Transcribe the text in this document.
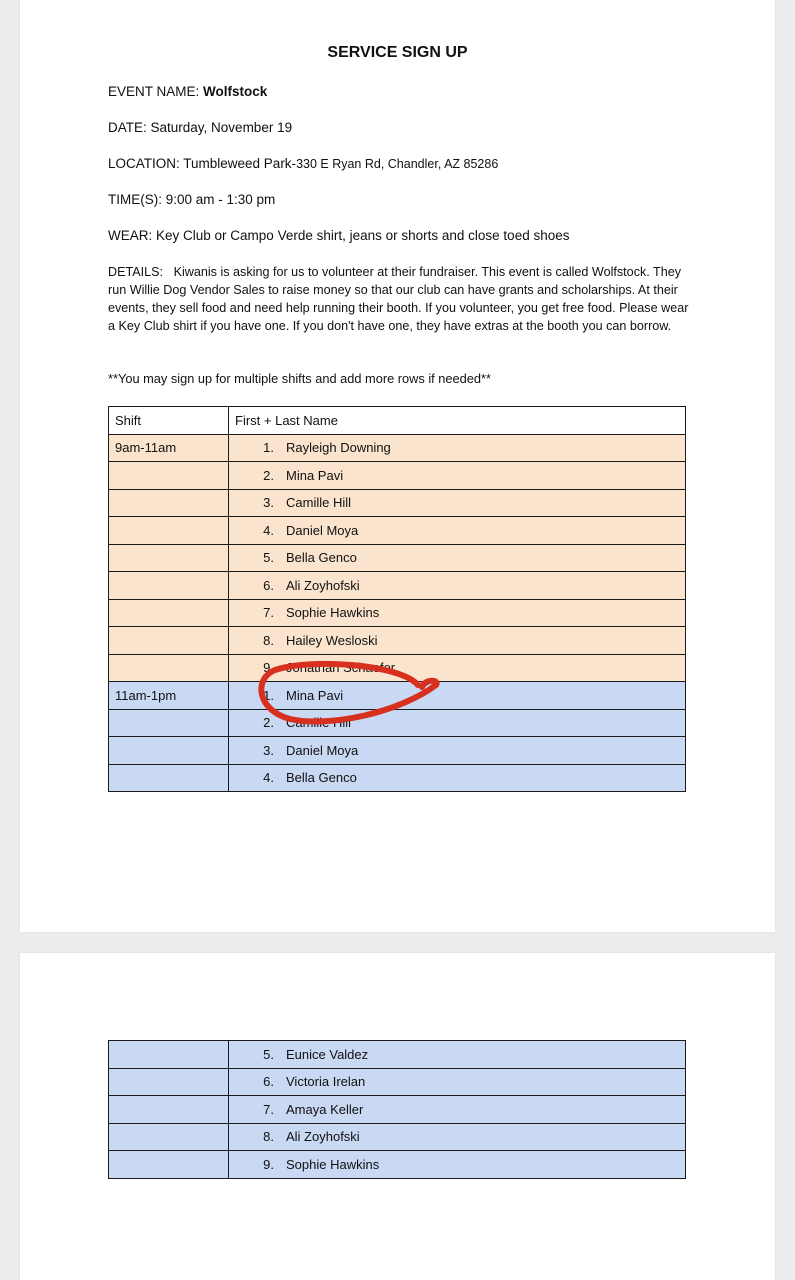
SERVICE SIGN UP
EVENT NAME: Wolfstock
DATE: Saturday, November 19
LOCATION: Tumbleweed Park-330 E Ryan Rd, Chandler, AZ 85286
TIME(S): 9:00 am - 1:30 pm
WEAR: Key Club or Campo Verde shirt, jeans or shorts and close toed shoes
DETAILS: Kiwanis is asking for us to volunteer at their fundraiser. This event is called Wolfstock. They run Willie Dog Vendor Sales to raise money so that our club can have grants and scholarships. At their events, they sell food and need help running their booth. If you volunteer, you get free food. Please wear a Key Club shirt if you have one. If you don't have one, they have extras at the booth you can borrow.
**You may sign up for multiple shifts and add more rows if needed**
Shift	First + Last Name
9am-11am	1. Rayleigh Downing
	2. Mina Pavi
	3. Camille Hill
	4. Daniel Moya
	5. Bella Genco
	6. Ali Zoyhofski
	7. Sophie Hawkins
	8. Hailey Wesloski
	9. Jonathan Schaefer
11am-1pm	1. Mina Pavi
	2. Camille Hill
	3. Daniel Moya
	4. Bella Genco
	5. Eunice Valdez
	6. Victoria Irelan
	7. Amaya Keller
	8. Ali Zoyhofski
	9. Sophie Hawkins
